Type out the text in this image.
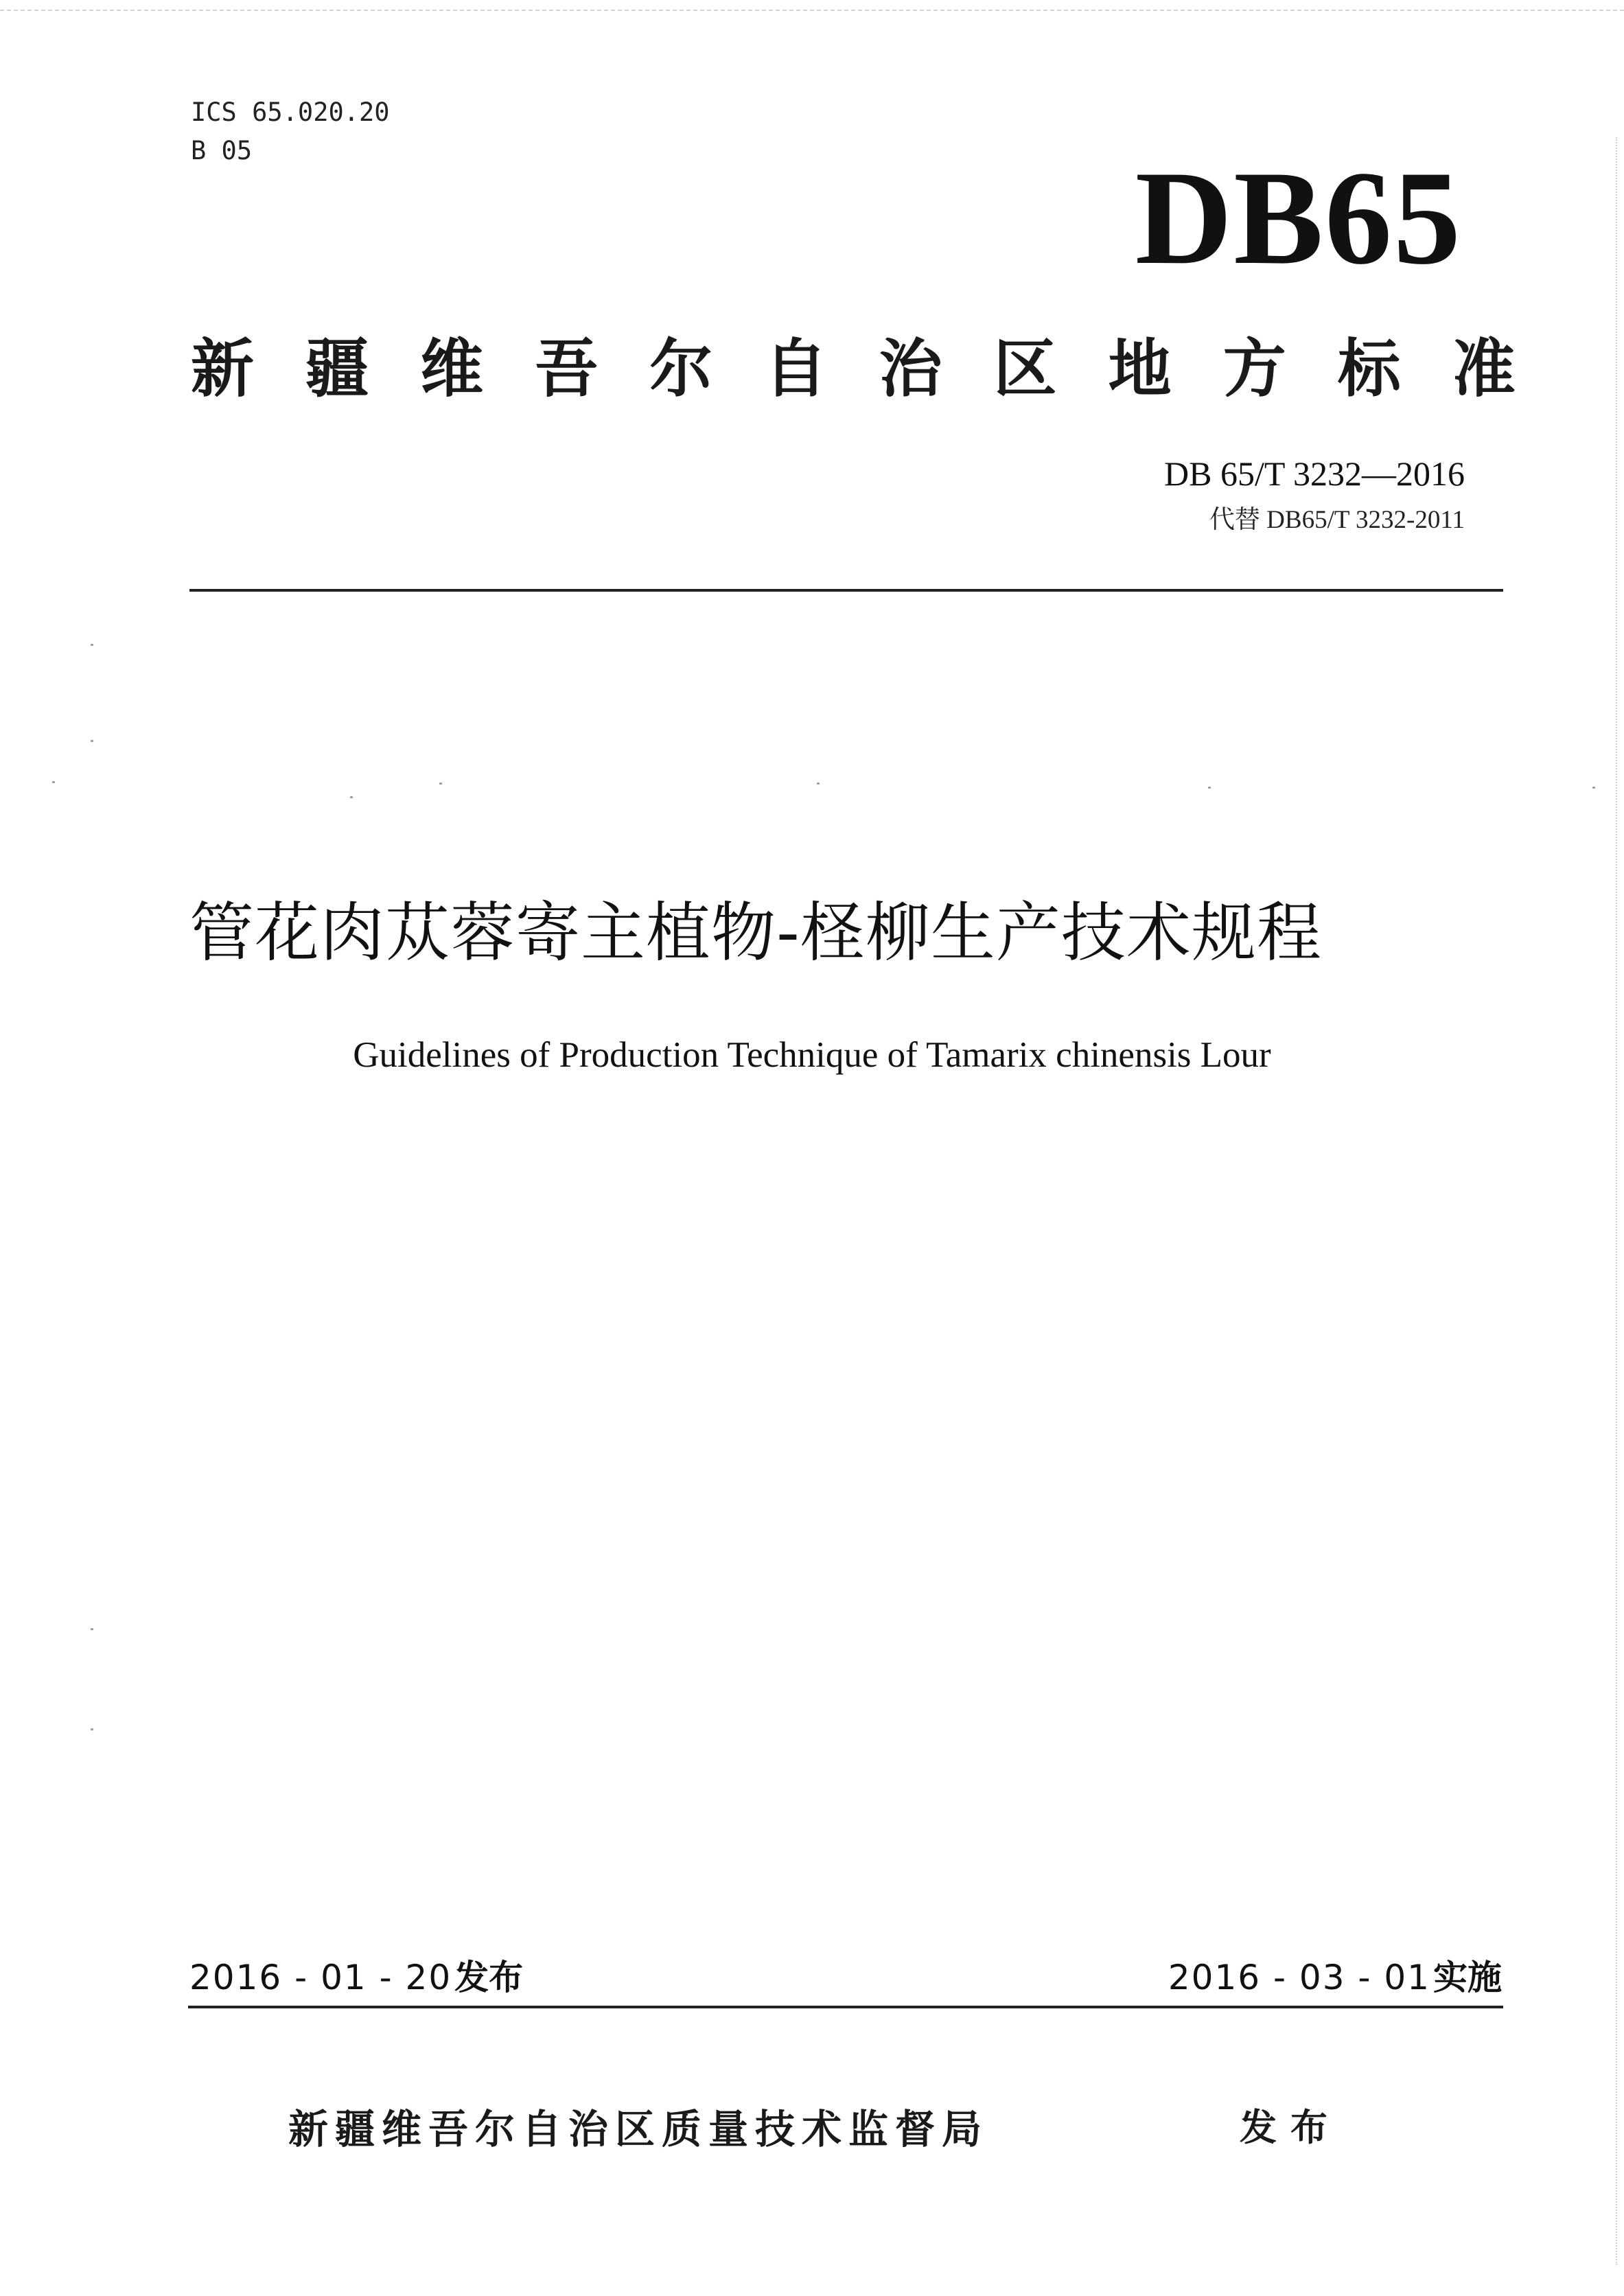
ICS 65.020.20
B 05	DB65
新 疆 维 吾 尔 自 治 区 地 方 标 准
DB 65/T 3232—2016
代替 DB65/T 3232-2011
管花肉苁蓉寄主植物-柽柳生产技术规程
Guidelines of Production Technique of Tamarix chinensis Lour
2016 - 01 - 20 发布	2016 - 03 - 01 实施
新疆维吾尔自治区质量技术监督局	发布
